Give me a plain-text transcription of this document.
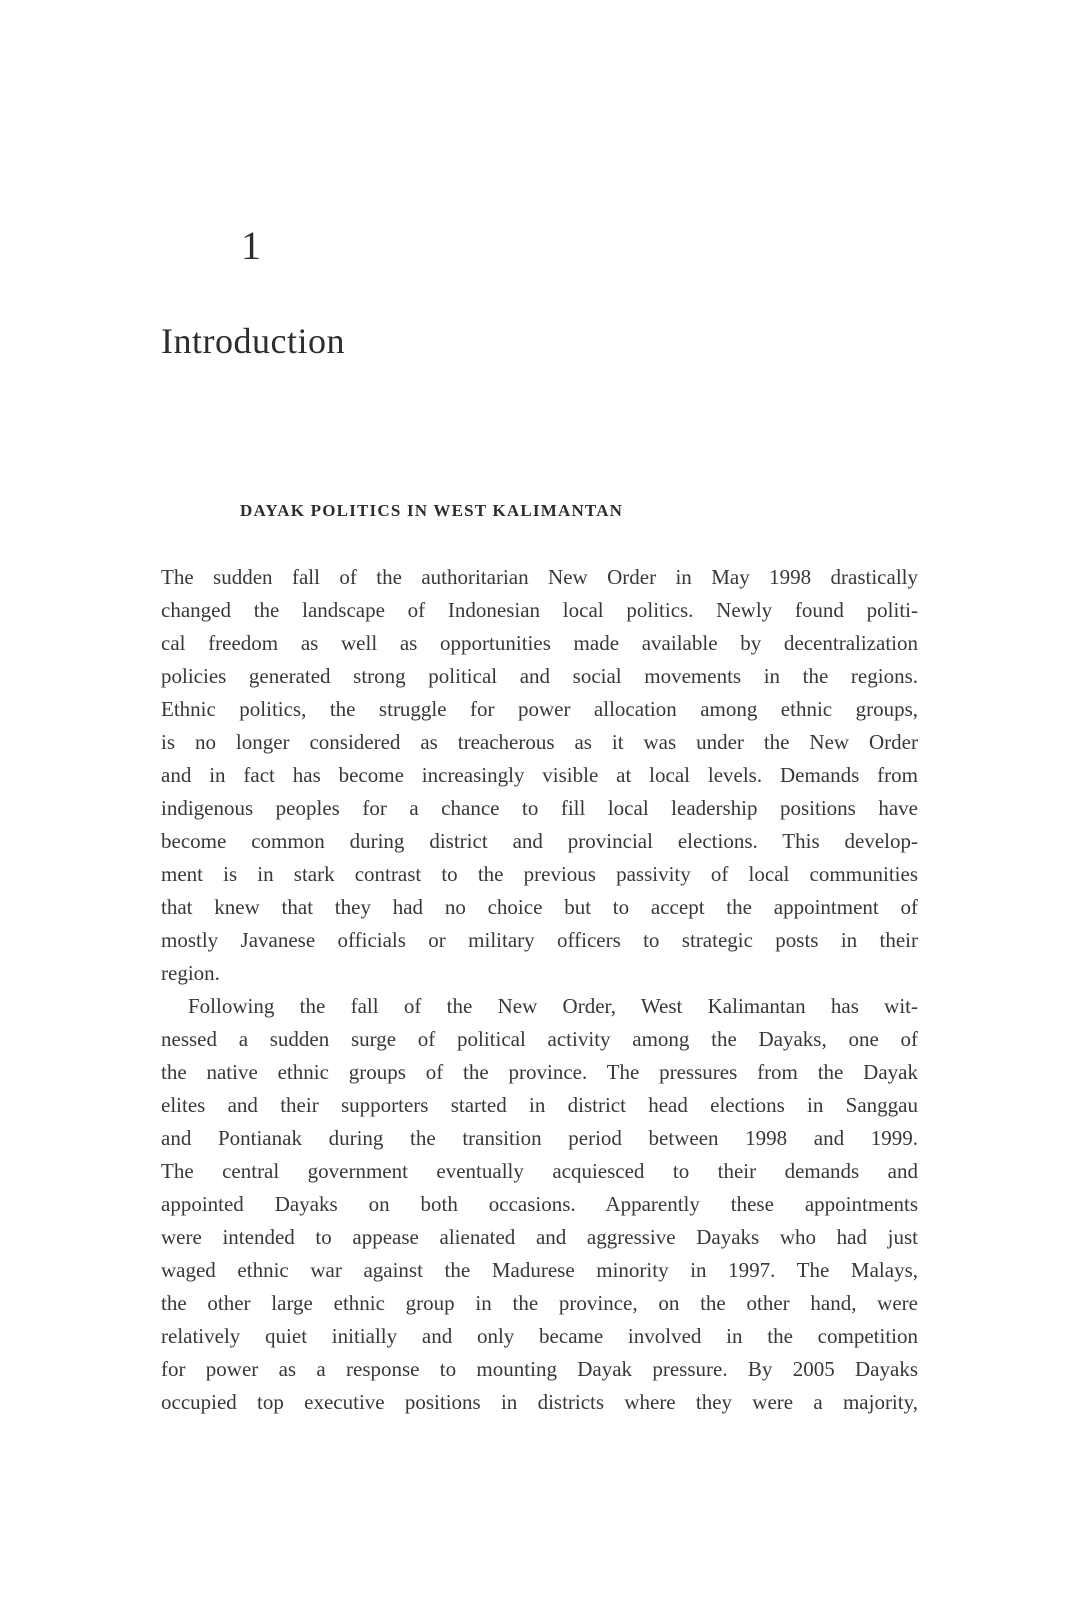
1
Introduction
DAYAK POLITICS IN WEST KALIMANTAN
The sudden fall of the authoritarian New Order in May 1998 drastically
changed the landscape of Indonesian local politics. Newly found politi-
cal freedom as well as opportunities made available by decentralization
policies generated strong political and social movements in the regions.
Ethnic politics, the struggle for power allocation among ethnic groups,
is no longer considered as treacherous as it was under the New Order
and in fact has become increasingly visible at local levels. Demands from
indigenous peoples for a chance to fill local leadership positions have
become common during district and provincial elections. This develop-
ment is in stark contrast to the previous passivity of local communities
that knew that they had no choice but to accept the appointment of
mostly Javanese officials or military officers to strategic posts in their
region.
Following the fall of the New Order, West Kalimantan has wit-
nessed a sudden surge of political activity among the Dayaks, one of
the native ethnic groups of the province. The pressures from the Dayak
elites and their supporters started in district head elections in Sanggau
and Pontianak during the transition period between 1998 and 1999.
The central government eventually acquiesced to their demands and
appointed Dayaks on both occasions. Apparently these appointments
were intended to appease alienated and aggressive Dayaks who had just
waged ethnic war against the Madurese minority in 1997. The Malays,
the other large ethnic group in the province, on the other hand, were
relatively quiet initially and only became involved in the competition
for power as a response to mounting Dayak pressure. By 2005 Dayaks
occupied top executive positions in districts where they were a majority,
